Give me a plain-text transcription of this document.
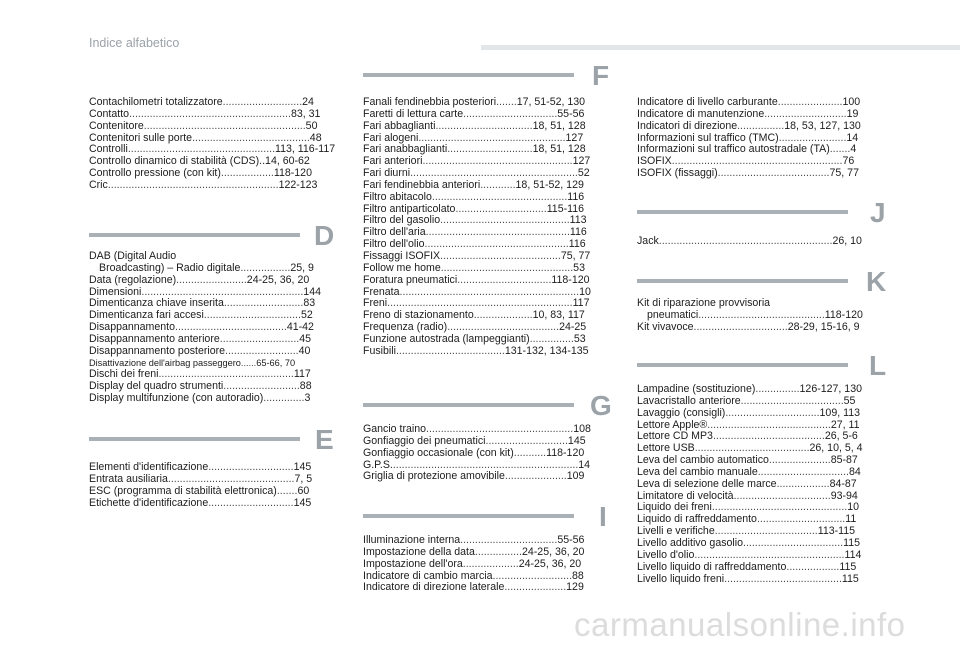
Indice alfabetico
Contachilometri totalizzatore...........................24
Contatto.......................................................83, 31
Contenitore.......................................................50
Contenitori sulle porte........................................48
Controlli..................................................113, 116-117
Controllo dinamico di stabilità (CDS)..14, 60-62
Controllo pressione (con kit)..................118-120
Cric..........................................................122-123
D
DAB (Digital Audio
Broadcasting) – Radio digitale.................25, 9
Data (regolazione)........................24-25, 36, 20
Dimensioni.......................................................144
Dimenticanza chiave inserita...........................83
Dimenticanza fari accesi.................................52
Disappannamento......................................41-42
Disappannamento anteriore...........................45
Disappannamento posteriore.........................40
Disattivazione dell'airbag passeggero......65-66, 70
Dischi dei freni..............................................117
Display del quadro strumenti..........................88
Display multifunzione (con autoradio)..............3
E
Elementi d'identificazione.............................145
Entrata ausiliaria...........................................7, 5
ESC (programma di stabilità elettronica).......60
Etichette d'identificazione.............................145
F
Fanali fendinebbia posteriori.......17, 51-52, 130
Faretti di lettura carte................................55-56
Fari abbaglianti.................................18, 51, 128
Fari alogeni..................................................127
Fari anabbaglianti.............................18, 51, 128
Fari anteriori...................................................127
Fari diurni.........................................................52
Fari fendinebbia anteriori............18, 51-52, 129
Filtro abitacolo..............................................116
Filtro antiparticolato...............................115-116
Filtro del gasolio............................................113
Filtro dell'aria.................................................116
Filtro dell'olio.................................................116
Fissaggi ISOFIX.........................................75, 77
Follow me home.............................................53
Foratura pneumatici................................118-120
Frenata.............................................................10
Freni...............................................................117
Freno di stazionamento....................10, 83, 117
Frequenza (radio)......................................24-25
Funzione autostrada (lampeggianti)...............53
Fusibili.....................................131-132, 134-135
G
Gancio traino..................................................108
Gonfiaggio dei pneumatici............................145
Gonfiaggio occasionale (con kit)...........118-120
G.P.S................................................................14
Griglia di protezione amovibile.....................109
I
Illuminazione interna.................................55-56
Impostazione della data................24-25, 36, 20
Impostazione dell'ora...................24-25, 36, 20
Indicatore di cambio marcia...........................88
Indicatore di direzione laterale.....................129
Indicatore di livello carburante......................100
Indicatore di manutenzione............................19
Indicatori di direzione................18, 53, 127, 130
Informazioni sul traffico (TMC).......................14
Informazioni sul traffico autostradale (TA).......4
ISOFIX..........................................................76
ISOFIX (fissaggi)......................................75, 77
J
Jack...........................................................26, 10
K
Kit di riparazione provvisoria
pneumatici...........................................118-120
Kit vivavoce................................28-29, 15-16, 9
L
Lampadine (sostituzione)...............126-127, 130
Lavacristallo anteriore...................................55
Lavaggio (consigli)................................109, 113
Lettore Apple®..........................................27, 11
Lettore CD MP3......................................26, 5-6
Lettore USB.......................................26, 10, 5, 4
Leva del cambio automatico.....................85-87
Leva del cambio manuale...............................84
Leva di selezione delle marce..................84-87
Limitatore di velocità.................................93-94
Liquido dei freni..............................................10
Liquido di raffreddamento..............................11
Livelli e verifiche...................................113-115
Livello additivo gasolio..................................115
Livello d'olio...................................................114
Livello liquido di raffreddamento..................115
Livello liquido freni........................................115
carmanualsonline.info
